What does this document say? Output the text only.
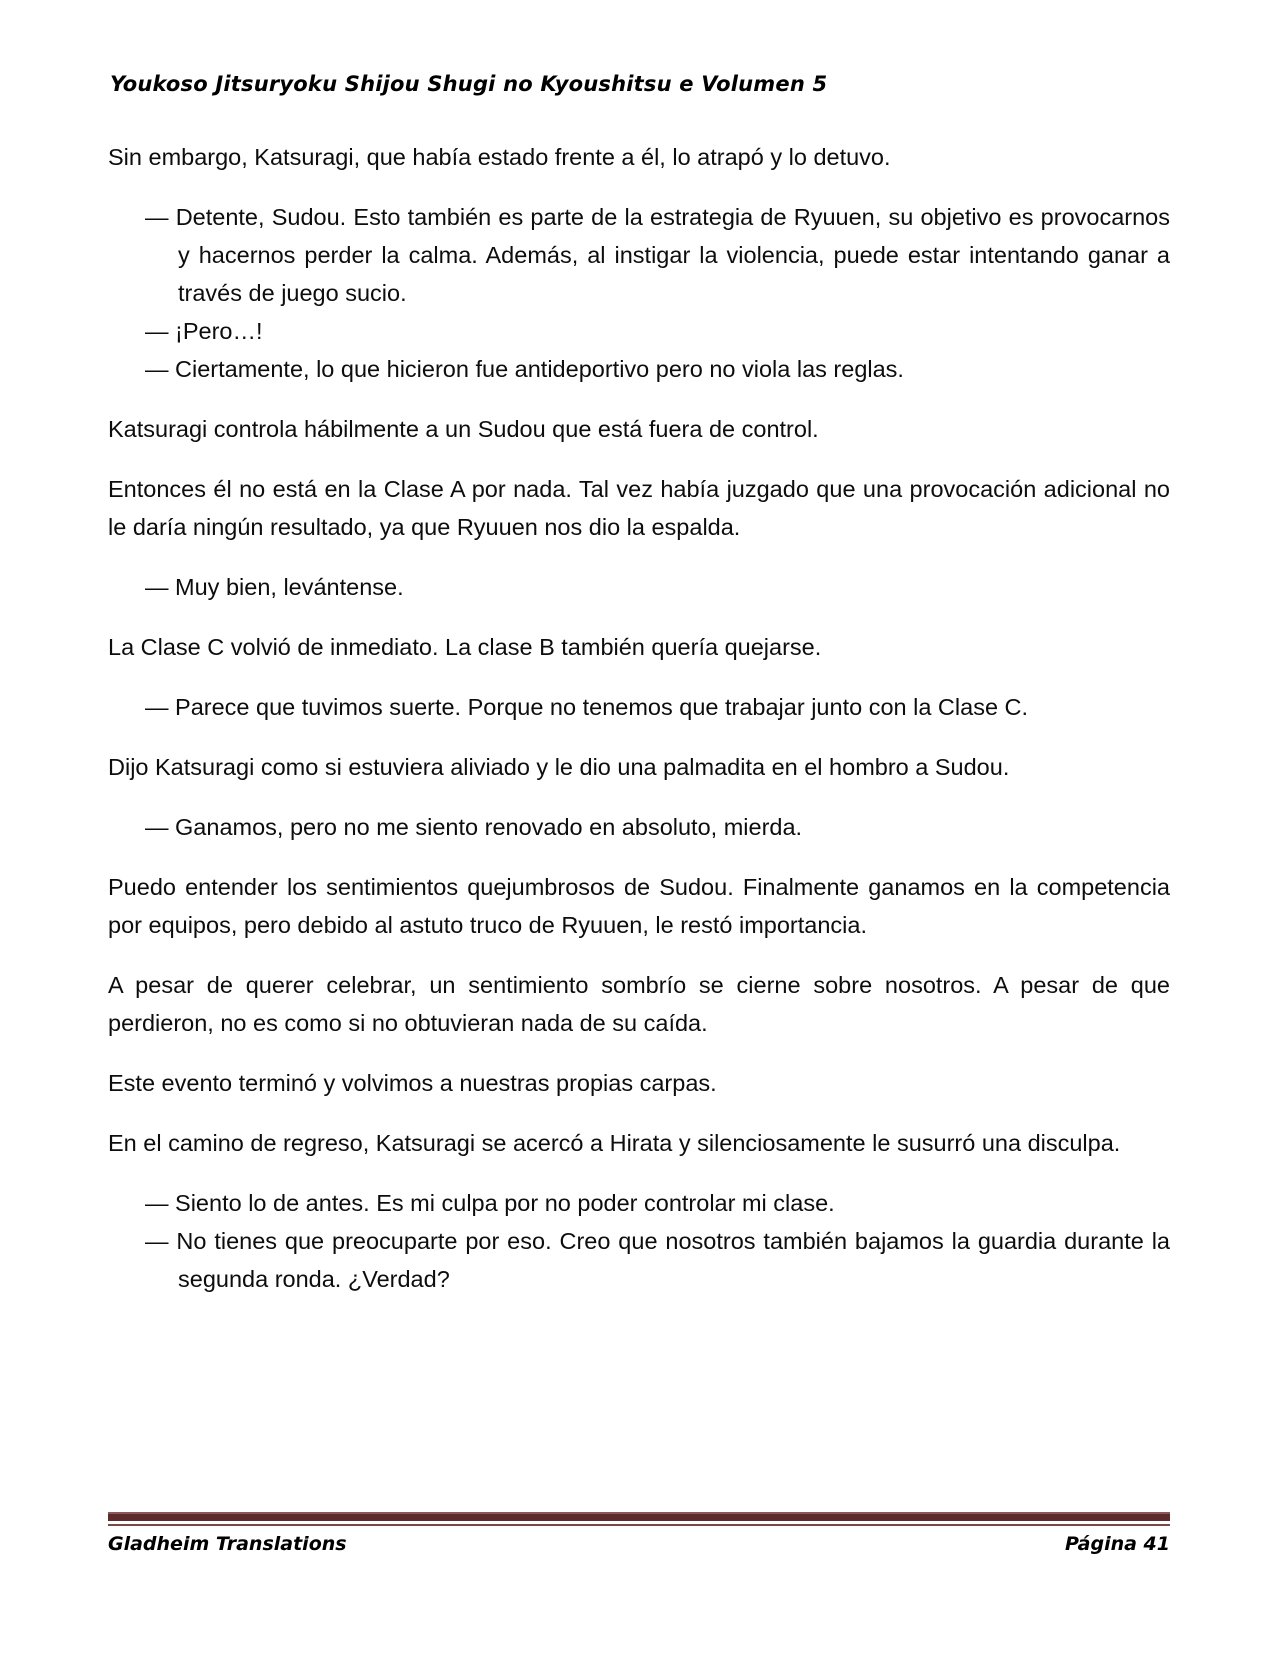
Youkoso Jitsuryoku Shijou Shugi no Kyoushitsu e Volumen 5

Sin embargo, Katsuragi, que había estado frente a él, lo atrapó y lo detuvo.

— Detente, Sudou. Esto también es parte de la estrategia de Ryuuen, su objetivo es provocarnos y hacernos perder la calma. Además, al instigar la violencia, puede estar intentando ganar a través de juego sucio.

— ¡Pero…!

— Ciertamente, lo que hicieron fue antideportivo pero no viola las reglas.

Katsuragi controla hábilmente a un Sudou que está fuera de control.

Entonces él no está en la Clase A por nada. Tal vez había juzgado que una provocación adicional no le daría ningún resultado, ya que Ryuuen nos dio la espalda.

— Muy bien, levántense.

La Clase C volvió de inmediato. La clase B también quería quejarse.

— Parece que tuvimos suerte. Porque no tenemos que trabajar junto con la Clase C.

Dijo Katsuragi como si estuviera aliviado y le dio una palmadita en el hombro a Sudou.

— Ganamos, pero no me siento renovado en absoluto, mierda.

Puedo entender los sentimientos quejumbrosos de Sudou. Finalmente ganamos en la competencia por equipos, pero debido al astuto truco de Ryuuen, le restó importancia.

A pesar de querer celebrar, un sentimiento sombrío se cierne sobre nosotros. A pesar de que perdieron, no es como si no obtuvieran nada de su caída.

Este evento terminó y volvimos a nuestras propias carpas.

En el camino de regreso, Katsuragi se acercó a Hirata y silenciosamente le susurró una disculpa.

— Siento lo de antes. Es mi culpa por no poder controlar mi clase.

— No tienes que preocuparte por eso. Creo que nosotros también bajamos la guardia durante la segunda ronda. ¿Verdad?

Gladheim Translations	Página 41
